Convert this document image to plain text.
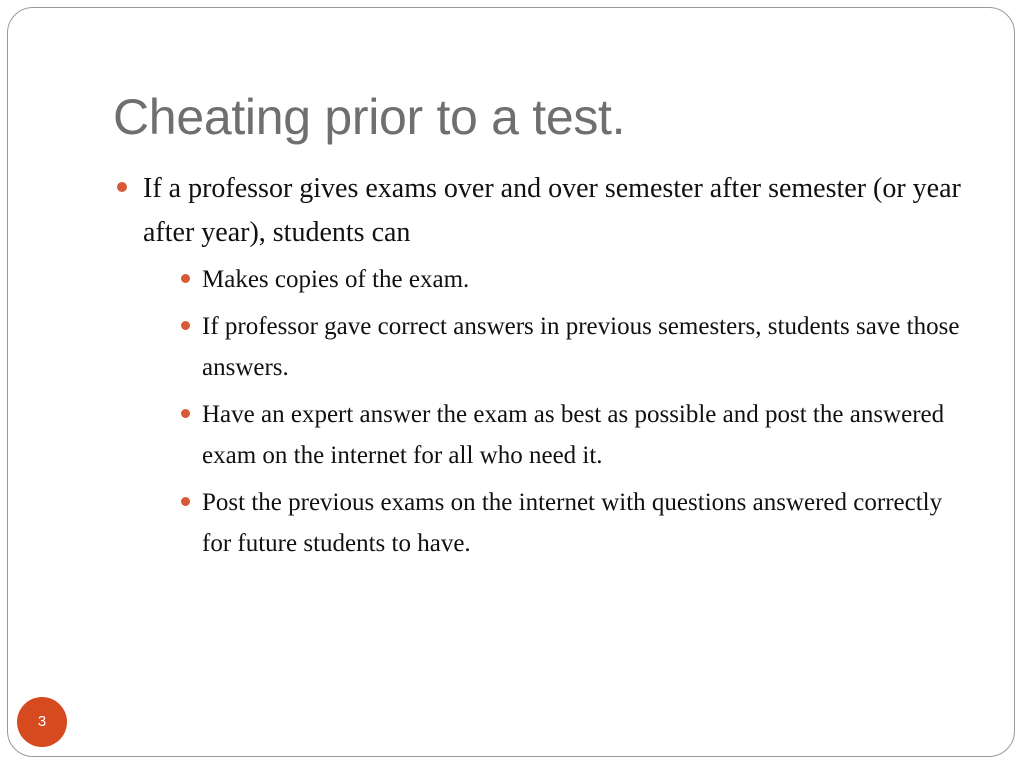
Cheating prior to a test.
If a professor gives exams over and over semester after semester (or year after year), students can
Makes copies of the exam.
If professor gave correct answers in previous semesters, students save those answers.
Have an expert answer the exam as best as possible and post the answered exam on the internet for all who need it.
Post the previous exams on the internet with questions answered correctly for future students to have.
3
